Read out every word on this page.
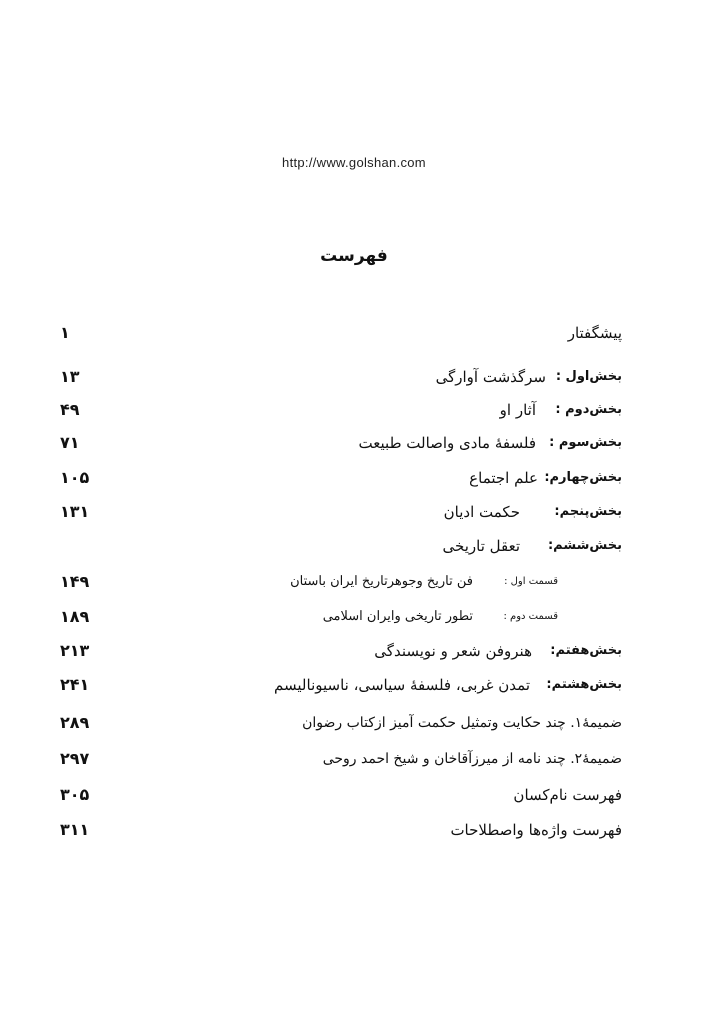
http://www.golshan.com
فهرست
پیشگفتار
۱
بخش‌اول :
سرگذشت آوارگی
۱۳
بخش‌دوم :
آثار او
۴۹
بخش‌سوم :
فلسفهٔ مادی واصالت طبیعت
۷۱
بخش‌چهارم:
علم اجتماع
۱۰۵
بخش‌پنجم:
حکمت ادیان
۱۳۱
بخش‌ششم:
تعقل تاریخی
قسمت اول :
فن تاریخ وجوهرتاریخ ایران باستان
۱۴۹
قسمت دوم :
تطور تاریخی وایران اسلامی
۱۸۹
بخش‌هفتم:
هنروفن شعر و نویسندگی
۲۱۳
بخش‌هشتم:
تمدن غربی، فلسفهٔ سیاسی، ناسیونالیسم
۲۴۱
ضمیمهٔ۱. چند حکایت وتمثیل حکمت آمیز ازکتاب رضوان
۲۸۹
ضمیمهٔ۲. چند نامه از میرزآقاخان و شیخ احمد روحی
۲۹۷
فهرست نام‌کسان
۳۰۵
فهرست واژه‌ها واصطلاحات
۳۱۱
